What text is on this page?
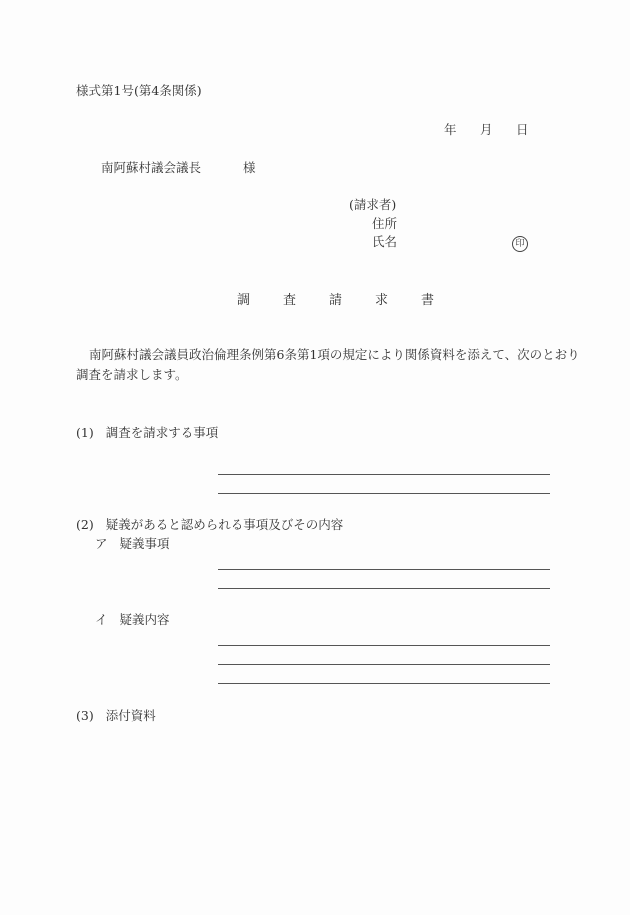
様式第1号(第4条関係)
年 月 日
南阿蘇村議会議長	様
(請求者)
住所
氏名	印
調	査	請	求	書
南阿蘇村議会議員政治倫理条例第6条第1項の規定により関係資料を添えて、次のとおり
調査を請求します。
(1) 調査を請求する事項
(2) 疑義があると認められる事項及びその内容
ア 疑義事項
イ 疑義内容
(3) 添付資料
